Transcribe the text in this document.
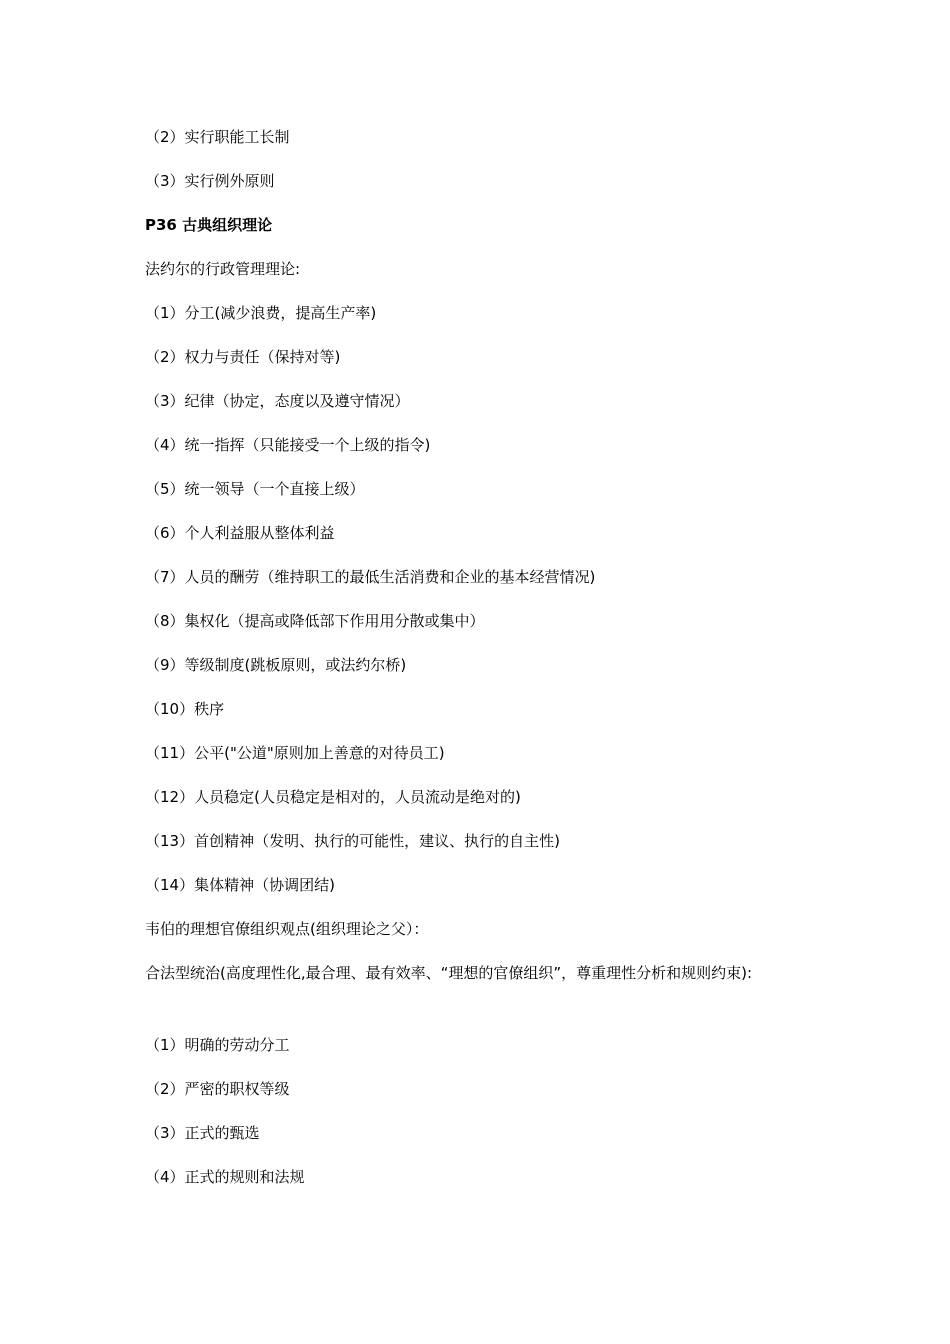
（2）实行职能工长制
（3）实行例外原则
P36 古典组织理论
法约尔的行政管理理论:
（1）分工(减少浪费，提高生产率)
（2）权力与责任（保持对等)
（3）纪律（协定，态度以及遵守情况）
（4）统一指挥（只能接受一个上级的指令)
（5）统一领导（一个直接上级）
（6）个人利益服从整体利益
（7）人员的酬劳（维持职工的最低生活消费和企业的基本经营情况)
（8）集权化（提高或降低部下作用用分散或集中）
（9）等级制度(跳板原则，或法约尔桥)
（10）秩序
（11）公平("公道"原则加上善意的对待员工)
（12）人员稳定(人员稳定是相对的，人员流动是绝对的)
（13）首创精神（发明、执行的可能性，建议、执行的自主性)
（14）集体精神（协调团结)
韦伯的理想官僚组织观点(组织理论之父）：
合法型统治(高度理性化,最合理、最有效率、“理想的官僚组织”，尊重理性分析和规则约束):
（1）明确的劳动分工
（2）严密的职权等级
（3）正式的甄选
（4）正式的规则和法规
